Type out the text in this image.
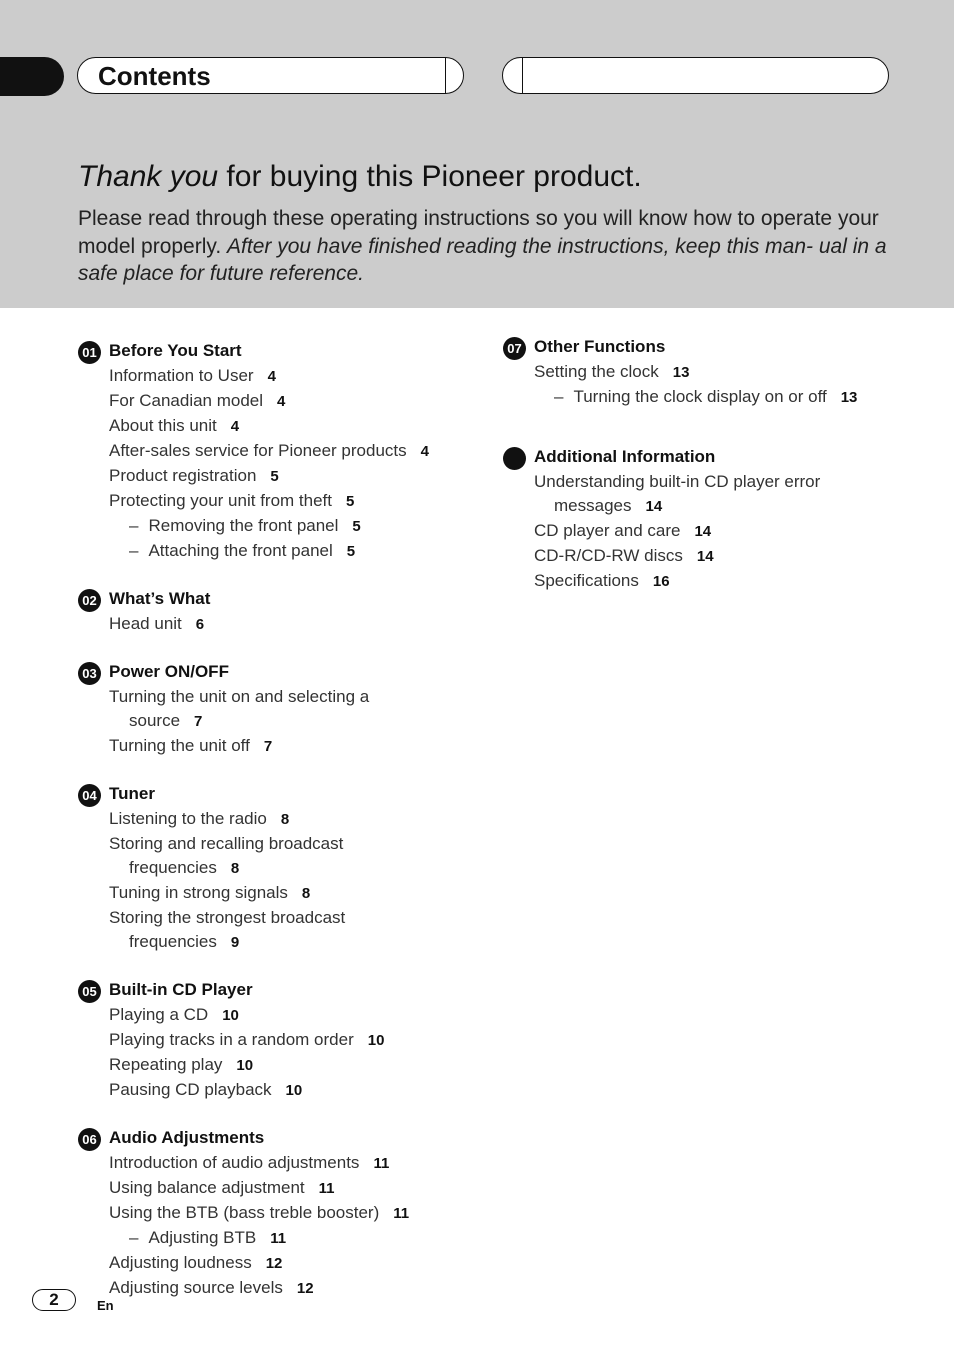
Contents
Thank you for buying this Pioneer product.
Please read through these operating instructions so you will know how to operate your model properly. After you have finished reading the instructions, keep this man- ual in a safe place for future reference.
01 Before You Start
Information to User 4
For Canadian model 4
About this unit 4
After-sales service for Pioneer products 4
Product registration 5
Protecting your unit from theft 5
– Removing the front panel 5
– Attaching the front panel 5
02 What’s What
Head unit 6
03 Power ON/OFF
Turning the unit on and selecting a
source 7
Turning the unit off 7
04 Tuner
Listening to the radio 8
Storing and recalling broadcast
frequencies 8
Tuning in strong signals 8
Storing the strongest broadcast
frequencies 9
05 Built-in CD Player
Playing a CD 10
Playing tracks in a random order 10
Repeating play 10
Pausing CD playback 10
06 Audio Adjustments
Introduction of audio adjustments 11
Using balance adjustment 11
Using the BTB (bass treble booster) 11
– Adjusting BTB 11
Adjusting loudness 12
Adjusting source levels 12
07 Other Functions
Setting the clock 13
– Turning the clock display on or off 13
Additional Information
Understanding built-in CD player error
messages 14
CD player and care 14
CD-R/CD-RW discs 14
Specifications 16
2	En
